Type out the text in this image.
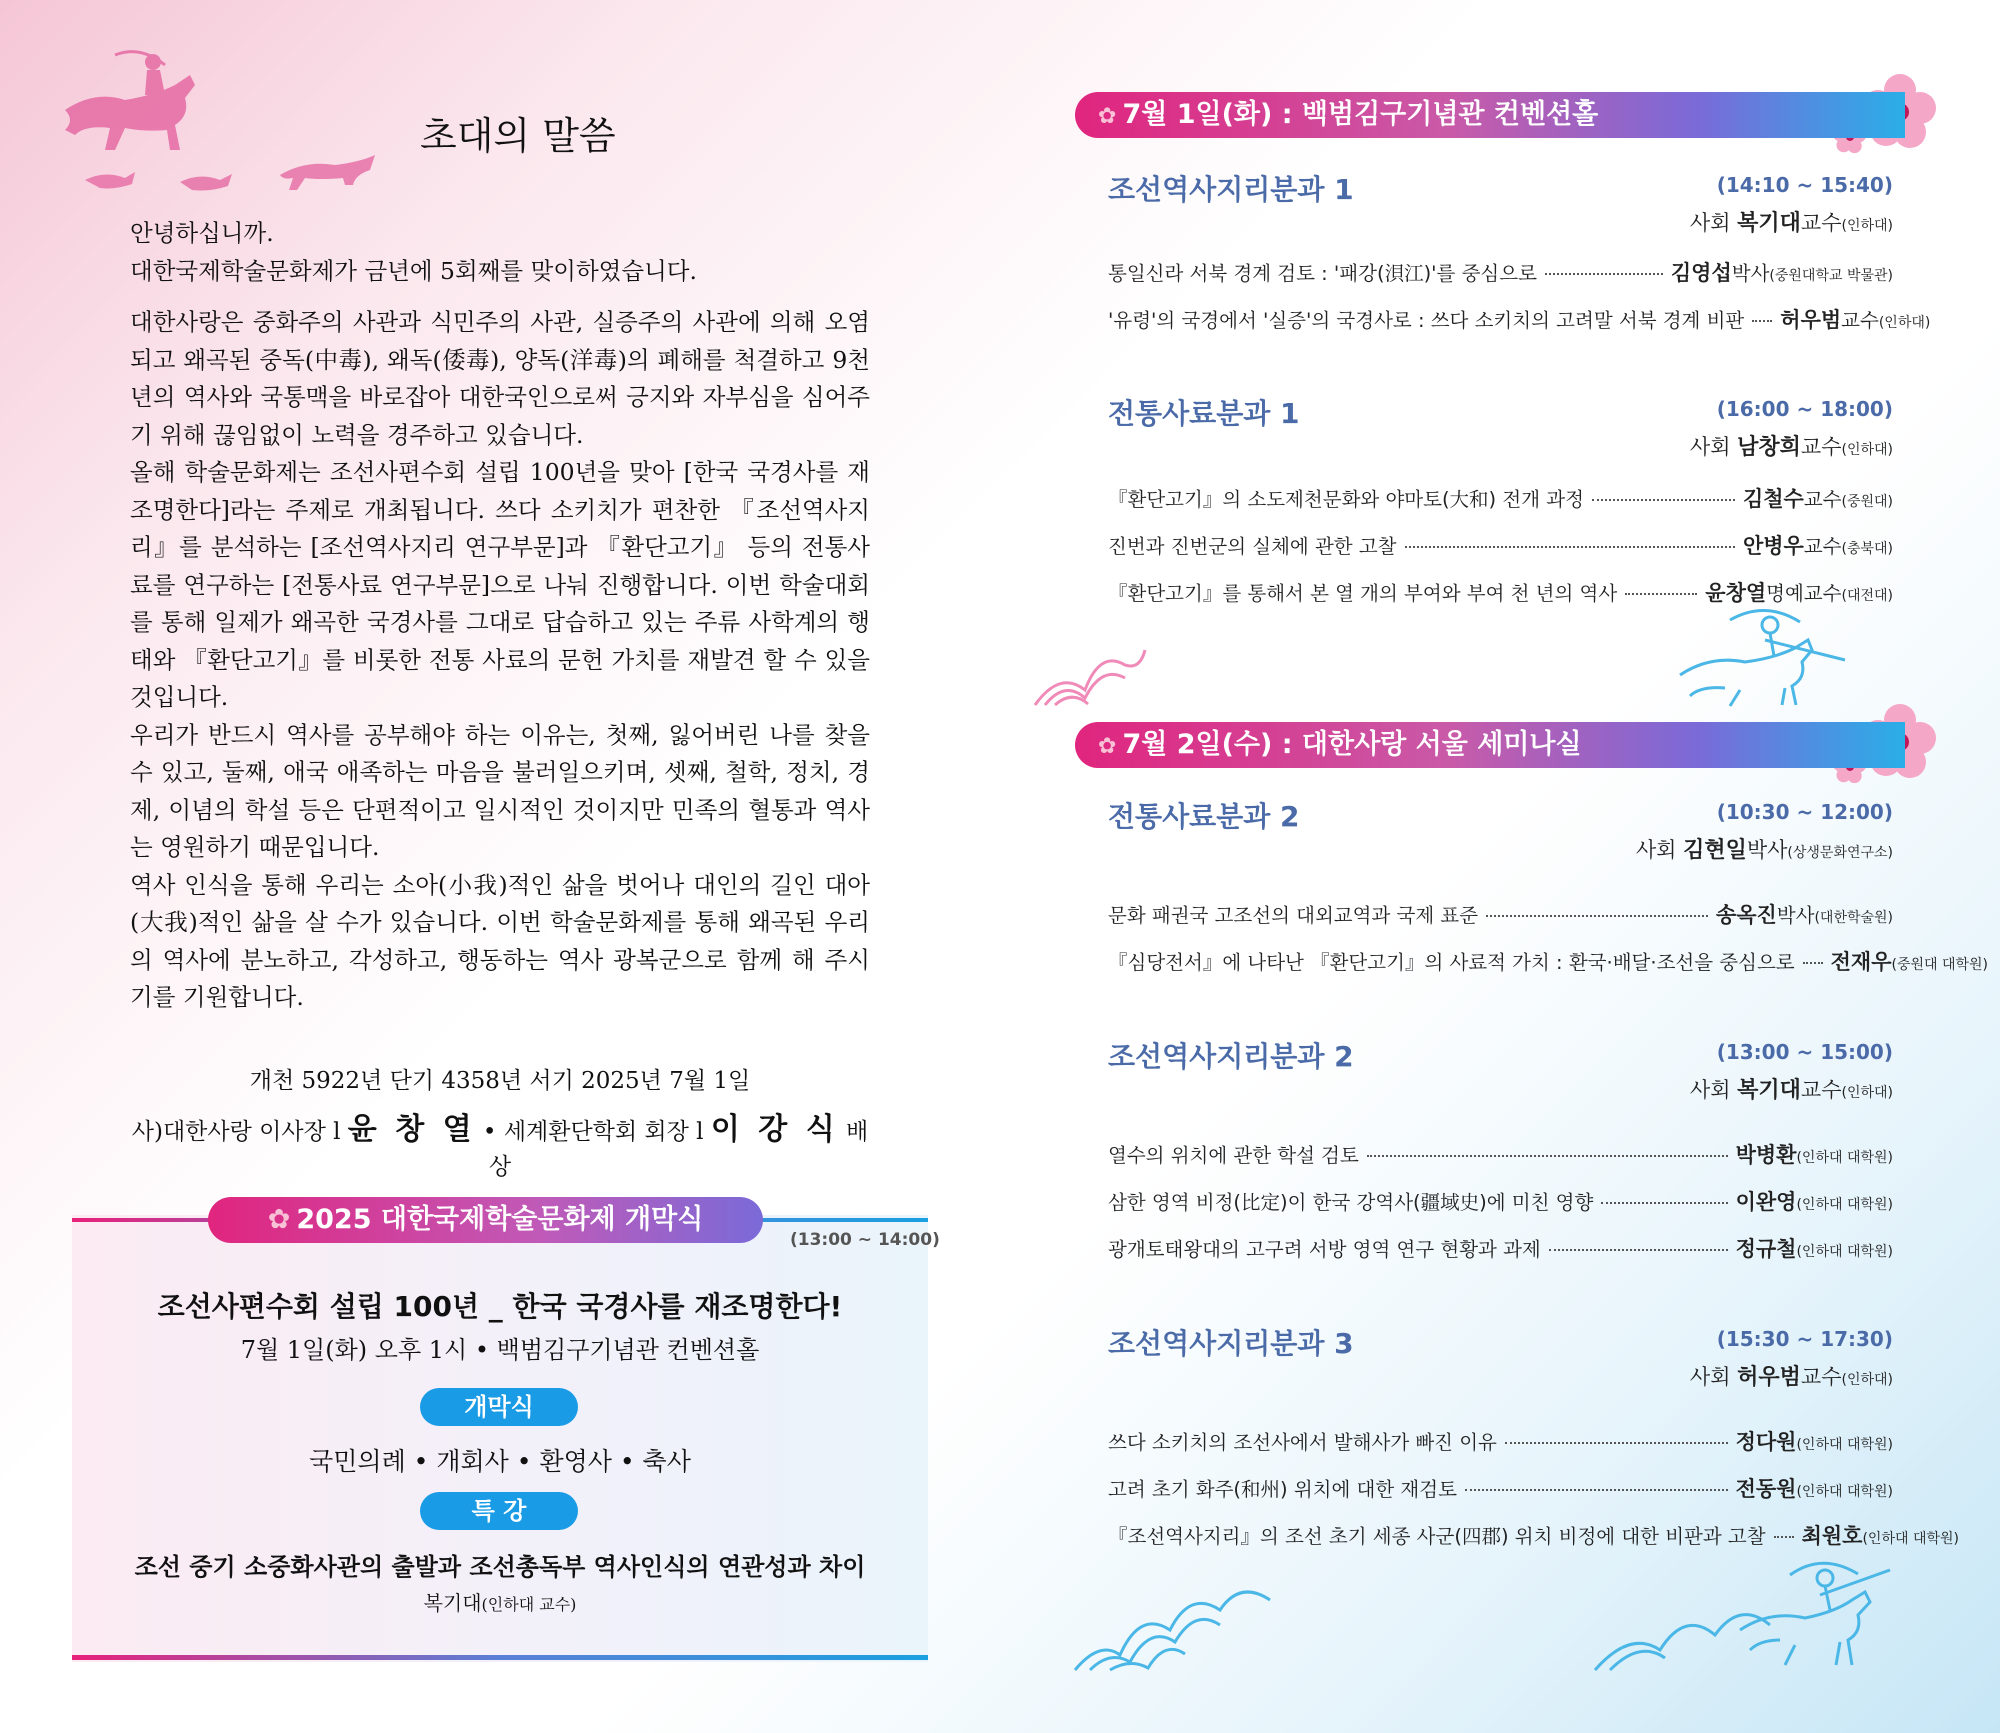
초대의 말씀

안녕하십니까.

대한국제학술문화제가 금년에 5회째를 맞이하였습니다.

대한사랑은 중화주의 사관과 식민주의 사관, 실증주의 사관에 의해 오염되고 왜곡된 중독(中毒), 왜독(倭毒), 양독(洋毒)의 폐해를 척결하고 9천년의 역사와 국통맥을 바로잡아 대한국인으로써 긍지와 자부심을 심어주기 위해 끊임없이 노력을 경주하고 있습니다.

올해 학술문화제는 조선사편수회 설립 100년을 맞아 [한국 국경사를 재조명한다]라는 주제로 개최됩니다. 쓰다 소키치가 편찬한 『조선역사지리』를 분석하는 [조선역사지리 연구부문]과 『환단고기』 등의 전통사료를 연구하는 [전통사료 연구부문]으로 나눠 진행합니다. 이번 학술대회를 통해 일제가 왜곡한 국경사를 그대로 답습하고 있는 주류 사학계의 행태와 『환단고기』를 비롯한 전통 사료의 문헌 가치를 재발견 할 수 있을 것입니다.

우리가 반드시 역사를 공부해야 하는 이유는, 첫째, 잃어버린 나를 찾을 수 있고, 둘째, 애국 애족하는 마음을 불러일으키며, 셋째, 철학, 정치, 경제, 이념의 학설 등은 단편적이고 일시적인 것이지만 민족의 혈통과 역사는 영원하기 때문입니다.

역사 인식을 통해 우리는 소아(小我)적인 삶을 벗어나 대인의 길인 대아(大我)적인 삶을 살 수가 있습니다. 이번 학술문화제를 통해 왜곡된 우리의 역사에 분노하고, 각성하고, 행동하는 역사 광복군으로 함께 해 주시기를 기원합니다.

개천 5922년 단기 4358년 서기 2025년 7월 1일
사)대한사랑 이사장 l 윤 창 열 • 세계환단학회 회장 l 이 강 식 배상
✿ 2025 대한국제학술문화제 개막식
(13:00 ~ 14:00)
조선사편수회 설립 100년 _ 한국 국경사를 재조명한다!
7월 1일(화) 오후 1시 • 백범김구기념관 컨벤션홀
개막식
국민의례 • 개회사 • 환영사 • 축사
특 강
조선 중기 소중화사관의 출발과 조선총독부 역사인식의 연관성과 차이
복기대(인하대 교수)
✿ 7월 1일(화) : 백범김구기념관 컨벤션홀
조선역사지리분과 1	(14:10 ~ 15:40)
사회 복기대교수(인하대)
통일신라 서북 경계 검토 : '패강(浿江)'를 중심으로	김영섭박사(중원대학교 박물관)
'유령'의 국경에서 '실증'의 국경사로 : 쓰다 소키치의 고려말 서북 경계 비판 허우범교수(인하대)
전통사료분과 1	(16:00 ~ 18:00)
사회 남창희교수(인하대)
『환단고기』의 소도제천문화와 야마토(大和) 전개 과정	김철수교수(중원대)
진번과 진번군의 실체에 관한 고찰	안병우교수(충북대)
『환단고기』를 통해서 본 열 개의 부여와 부여 천 년의 역사	윤창열명예교수(대전대)
✿ 7월 2일(수) : 대한사랑 서울 세미나실
전통사료분과 2	(10:30 ~ 12:00)
사회 김현일박사(상생문화연구소)
문화 패권국 고조선의 대외교역과 국제 표준	송옥진박사(대한학술원)
『심당전서』에 나타난 『환단고기』의 사료적 가치 : 환국·배달·조선을 중심으로 전재우(중원대 대학원)
조선역사지리분과 2	(13:00 ~ 15:00)
사회 복기대교수(인하대)
열수의 위치에 관한 학설 검토	박병환(인하대 대학원)
삼한 영역 비정(比定)이 한국 강역사(疆域史)에 미친 영향	이완영(인하대 대학원)
광개토태왕대의 고구려 서방 영역 연구 현황과 과제	정규철(인하대 대학원)
조선역사지리분과 3	(15:30 ~ 17:30)
사회 허우범교수(인하대)
쓰다 소키치의 조선사에서 발해사가 빠진 이유	정다원(인하대 대학원)
고려 초기 화주(和州) 위치에 대한 재검토	전동원(인하대 대학원)
『조선역사지리』의 조선 초기 세종 사군(四郡) 위치 비정에 대한 비판과 고찰 최원호(인하대 대학원)
